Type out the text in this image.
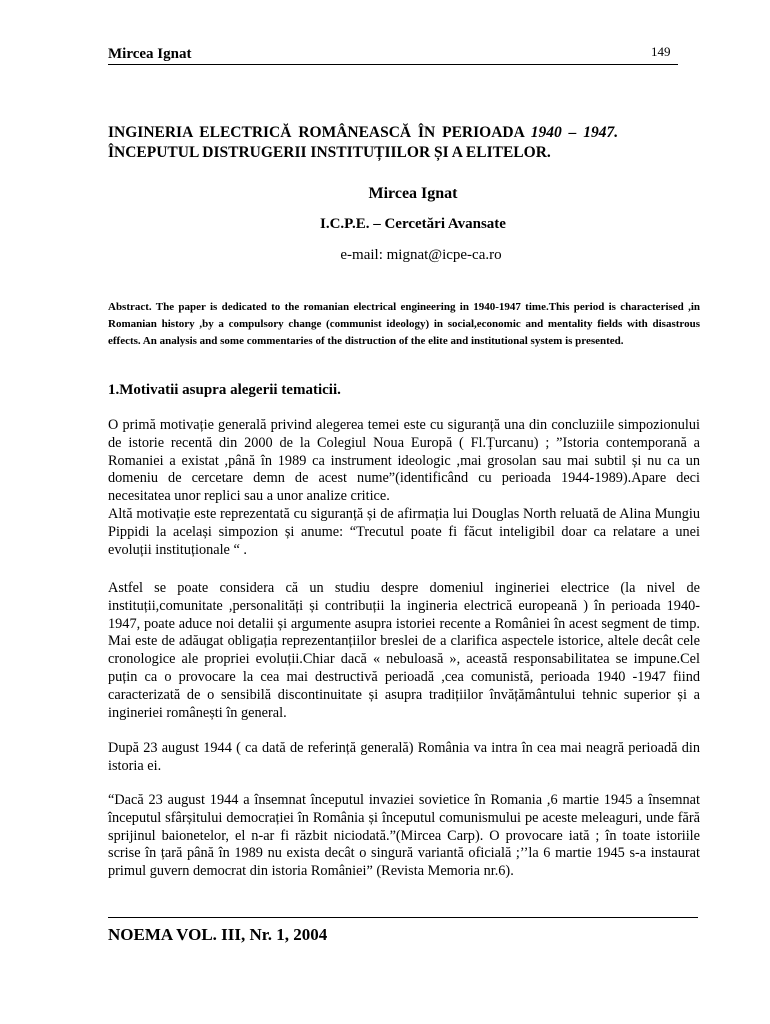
Mircea Ignat	149
INGINERIA ELECTRICĂ ROMÂNEASCĂ ÎN PERIOADA 1940 – 1947.
ÎNCEPUTUL DISTRUGERII INSTITUȚIILOR ȘI A ELITELOR.
Mircea Ignat
I.C.P.E. – Cercetări Avansate
e-mail: mignat@icpe-ca.ro
Abstract. The paper is dedicated to the romanian electrical engineering in 1940-1947 time.This period is characterised ,in Romanian history ,by a compulsory change (communist ideology) in social,economic and mentality fields with disastrous effects. An analysis and some commentaries of the distruction of the elite and institutional system is presented.
1.Motivatii asupra alegerii tematicii.
O primă motivație generală privind alegerea temei este cu siguranță una din concluziile simpozionului de istorie recentă din 2000 de la Colegiul Noua Europă ( Fl.Țurcanu) ; ”Istoria contemporană a Romaniei a existat ,până în 1989 ca instrument ideologic ,mai grosolan sau mai subtil și nu ca un domeniu de cercetare demn de acest nume”(identificând cu perioada 1944-1989).Apare deci necesitatea unor replici sau a unor analize critice.
Altă motivație este reprezentată cu siguranță și de afirmația lui Douglas North reluată de Alina Mungiu Pippidi la același simpozion și anume: “Trecutul poate fi făcut inteligibil doar ca relatare a unei evoluții instituționale “ .
Astfel se poate considera că un studiu despre domeniul ingineriei electrice (la nivel de instituții,comunitate ,personalități și contribuții la ingineria electrică europeană ) în perioada 1940-1947, poate aduce noi detalii și argumente asupra istoriei recente a României în acest segment de timp. Mai este de adăugat obligația reprezentanțiilor breslei de a clarifica aspectele istorice, altele decât cele cronologice ale propriei evoluții.Chiar dacă « nebuloasă », această responsabilitatea se impune.Cel puțin ca o provocare la cea mai destructivă perioadă ,cea comunistă, perioada 1940 -1947 fiind caracterizată de o sensibilă discontinuitate și asupra tradițiilor învățământului tehnic superior și a ingineriei românești în general.
După 23 august 1944 ( ca dată de referință generală) România va intra în cea mai neagră perioadă din istoria ei.
“Dacă 23 august 1944 a însemnat începutul invaziei sovietice în Romania ,6 martie 1945 a însemnat începutul sfârșitului democrației în România și începutul comunismului pe aceste meleaguri, unde fără sprijinul baionetelor, el n-ar fi răzbit niciodată.”(Mircea Carp). O provocare iată ; în toate istoriile scrise în țară până în 1989 nu exista decât o singură variantă oficială ;’’la 6 martie 1945 s-a instaurat primul guvern democrat din istoria României” (Revista Memoria nr.6).
NOEMA VOL. III, Nr. 1, 2004
